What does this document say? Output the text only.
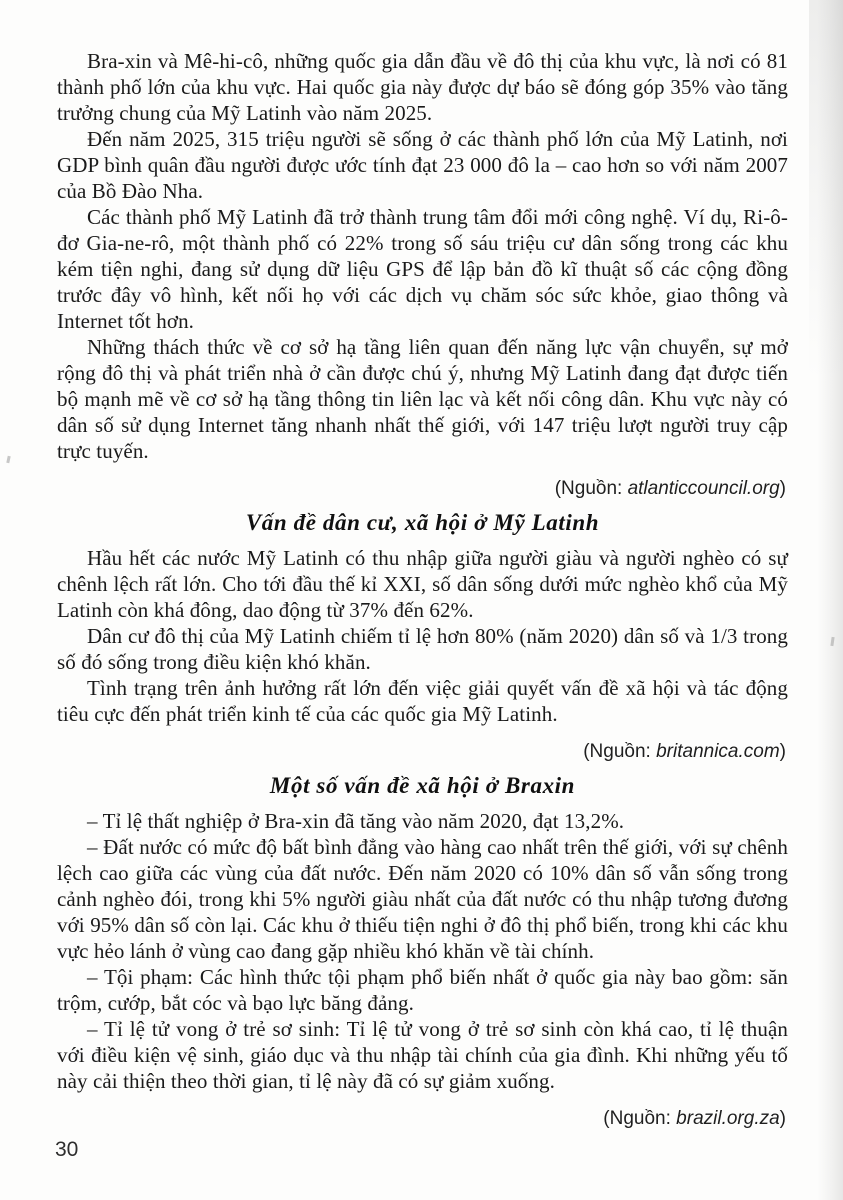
Bra-xin và Mê-hi-cô, những quốc gia dẫn đầu về đô thị của khu vực, là nơi có 81 thành phố lớn của khu vực. Hai quốc gia này được dự báo sẽ đóng góp 35% vào tăng trưởng chung của Mỹ Latinh vào năm 2025.

Đến năm 2025, 315 triệu người sẽ sống ở các thành phố lớn của Mỹ Latinh, nơi GDP bình quân đầu người được ước tính đạt 23 000 đô la – cao hơn so với năm 2007 của Bồ Đào Nha.

Các thành phố Mỹ Latinh đã trở thành trung tâm đổi mới công nghệ. Ví dụ, Ri-ô-đơ Gia-ne-rô, một thành phố có 22% trong số sáu triệu cư dân sống trong các khu kém tiện nghi, đang sử dụng dữ liệu GPS để lập bản đồ kĩ thuật số các cộng đồng trước đây vô hình, kết nối họ với các dịch vụ chăm sóc sức khỏe, giao thông và Internet tốt hơn.

Những thách thức về cơ sở hạ tầng liên quan đến năng lực vận chuyển, sự mở rộng đô thị và phát triển nhà ở cần được chú ý, nhưng Mỹ Latinh đang đạt được tiến bộ mạnh mẽ về cơ sở hạ tầng thông tin liên lạc và kết nối công dân. Khu vực này có dân số sử dụng Internet tăng nhanh nhất thế giới, với 147 triệu lượt người truy cập trực tuyến.

(Nguồn: atlanticcouncil.org)
Vấn đề dân cư, xã hội ở Mỹ Latinh

Hầu hết các nước Mỹ Latinh có thu nhập giữa người giàu và người nghèo có sự chênh lệch rất lớn. Cho tới đầu thế kỉ XXI, số dân sống dưới mức nghèo khổ của Mỹ Latinh còn khá đông, dao động từ 37% đến 62%.

Dân cư đô thị của Mỹ Latinh chiếm tỉ lệ hơn 80% (năm 2020) dân số và 1/3 trong số đó sống trong điều kiện khó khăn.

Tình trạng trên ảnh hưởng rất lớn đến việc giải quyết vấn đề xã hội và tác động tiêu cực đến phát triển kinh tế của các quốc gia Mỹ Latinh.

(Nguồn: britannica.com)
Một số vấn đề xã hội ở Braxin

– Tỉ lệ thất nghiệp ở Bra-xin đã tăng vào năm 2020, đạt 13,2%.

– Đất nước có mức độ bất bình đẳng vào hàng cao nhất trên thế giới, với sự chênh lệch cao giữa các vùng của đất nước. Đến năm 2020 có 10% dân số vẫn sống trong cảnh nghèo đói, trong khi 5% người giàu nhất của đất nước có thu nhập tương đương với 95% dân số còn lại. Các khu ở thiếu tiện nghi ở đô thị phổ biến, trong khi các khu vực hẻo lánh ở vùng cao đang gặp nhiều khó khăn về tài chính.

– Tội phạm: Các hình thức tội phạm phổ biến nhất ở quốc gia này bao gồm: săn trộm, cướp, bắt cóc và bạo lực băng đảng.

– Tỉ lệ tử vong ở trẻ sơ sinh: Tỉ lệ tử vong ở trẻ sơ sinh còn khá cao, tỉ lệ thuận với điều kiện vệ sinh, giáo dục và thu nhập tài chính của gia đình. Khi những yếu tố này cải thiện theo thời gian, tỉ lệ này đã có sự giảm xuống.

(Nguồn: brazil.org.za)
30
